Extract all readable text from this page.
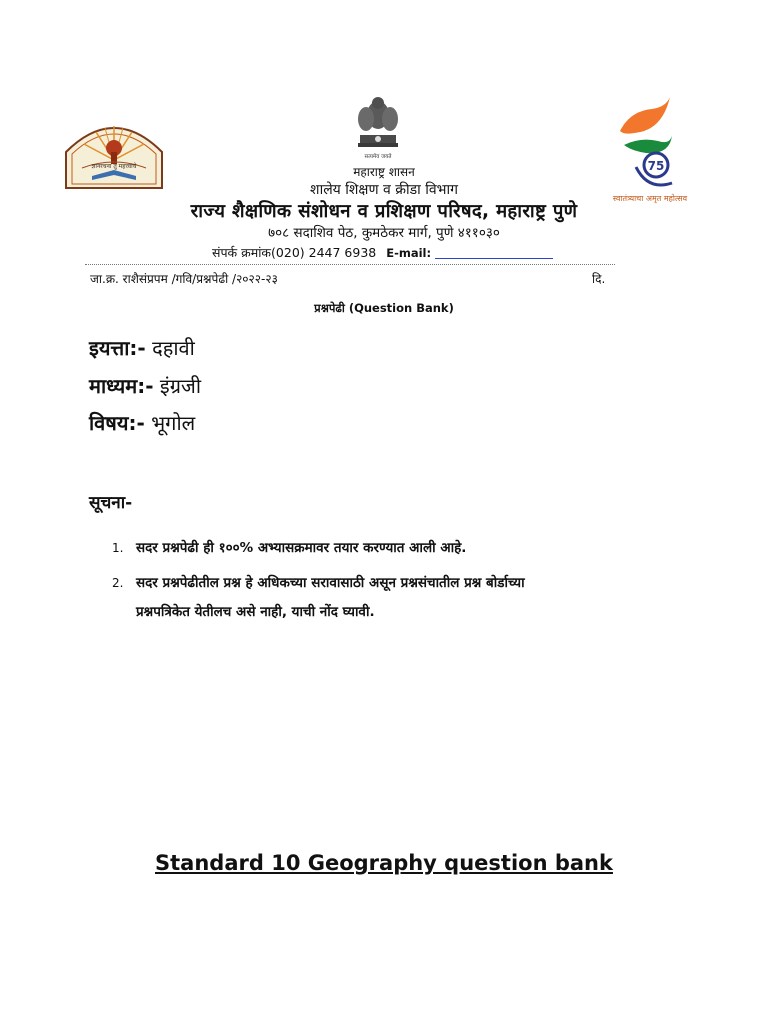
ज्ञानरचना तु महत्त्वाचे
सत्यमेव जयते
75
स्वातंत्र्याचा अमृत महोत्सव
महाराष्ट्र शासन
शालेय शिक्षण व क्रीडा विभाग
राज्य शैक्षणिक संशोधन व प्रशिक्षण परिषद, महाराष्ट्र पुणे
७०८ सदाशिव पेठ, कुमठेकर मार्ग, पुणे ४११०३०
संपर्क क्रमांक(020) 2447 6938 E-mail:
जा.क्र. राशैसंप्रपम /गवि/प्रश्नपेढी /२०२२-२३	दि.
प्रश्नपेढी (Question Bank)
इयत्ता:- दहावी
माध्यम:- इंग्रजी
विषय:- भूगोल
सूचना-
1. सदर प्रश्नपेढी ही १००% अभ्यासक्रमावर तयार करण्यात आली आहे.
2. सदर प्रश्नपेढीतील प्रश्न हे अधिकच्या सरावासाठी असून प्रश्नसंचातील प्रश्न बोर्डाच्या
प्रश्नपत्रिकेत येतीलच असे नाही, याची नोंद घ्यावी.
Standard 10 Geography question bank
